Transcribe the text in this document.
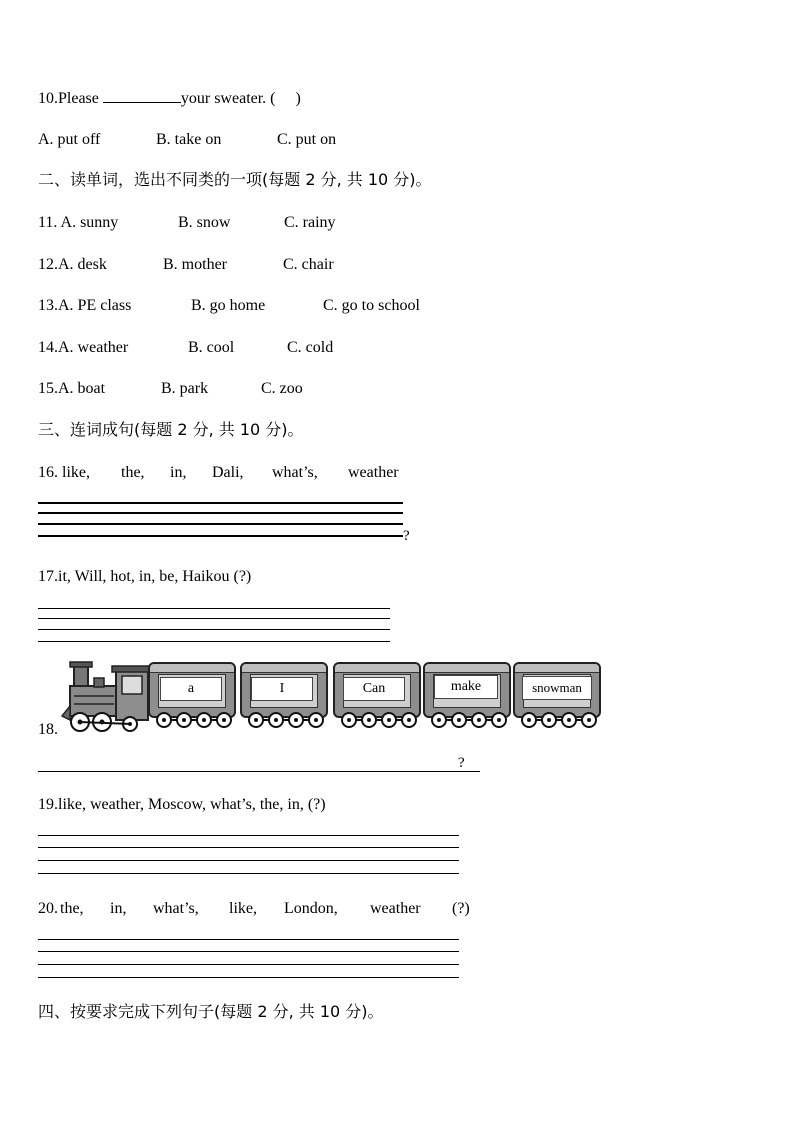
10.Please	your sweater. ( )
A. put off	B. take on	C. put on
二、读单词，选出不同类的一项(每题 2 分, 共 10 分)。
11. A. sunny	B. snow	C. rainy
12.A. desk	B. mother	C. chair
13.A. PE class	B. go home	C. go to school
14.A. weather	B. cool	C. cold
15.A. boat	B. park	C. zoo
三、连词成句(每题 2 分, 共 10 分)。
16. like, the, in, Dali, what’s, weather
?
17.it, Will, hot, in, be, Haikou (?)
18.
a	I	Can	make	snowman
?
19.like, weather, Moscow, what’s, the, in, (?)
20. the, in, what’s, like, London, weather (?)
四、按要求完成下列句子(每题 2 分, 共 10 分)。
